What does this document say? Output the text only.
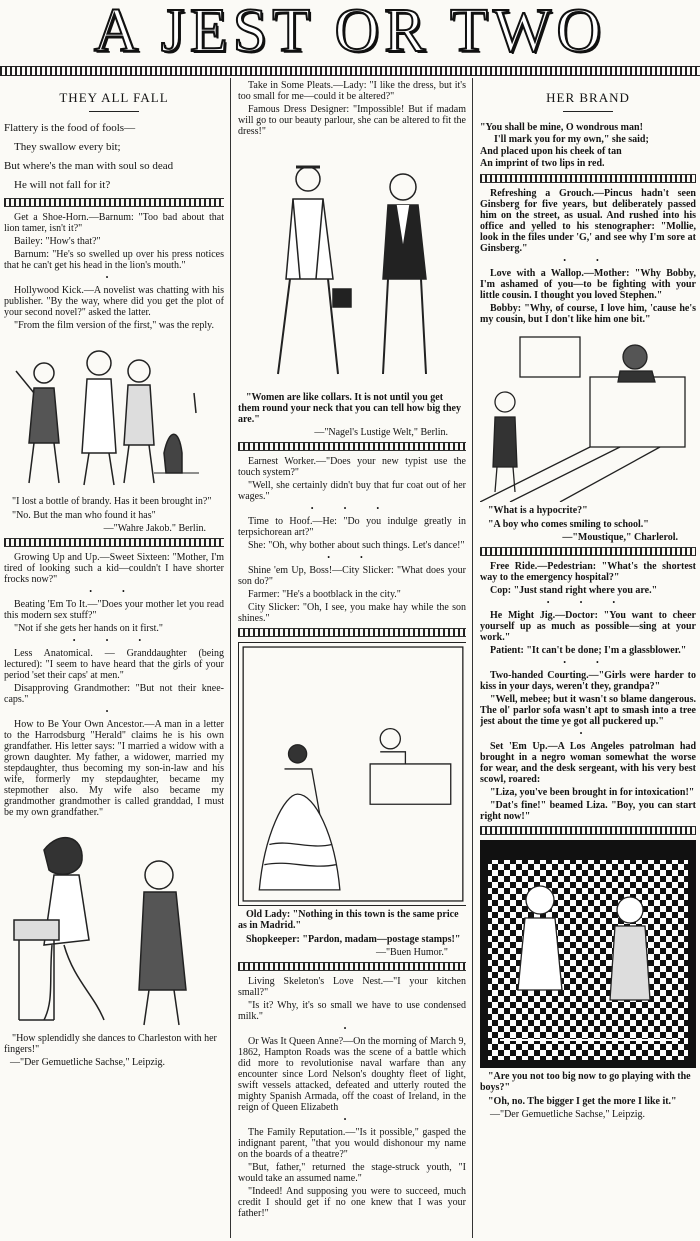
A JEST OR TWO
THEY ALL FALL

Flattery is the food of fools—

They swallow every bit;

But where's the man with soul so dead

He will not fall for it?

Get a Shoe-Horn.—Barnum: "Too bad about that lion tamer, isn't it?"

Bailey: "How's that?"

Barnum: "He's so swelled up over his press notices that he can't get his head in the lion's mouth."

•

Hollywood Kick.—A novelist was chatting with his publisher. "By the way, where did you get the plot of your second novel?" asked the latter.

"From the film version of the first," was the reply.

"I lost a bottle of brandy. Has it been brought in?"

"No. But the man who found it has"

—"Wahre Jakob." Berlin.

Growing Up and Up.—Sweet Sixteen: "Mother, I'm tired of looking such a kid—couldn't I have shorter frocks now?"

• •

Beating 'Em To It.—"Does your mother let you read this modern sex stuff?"

"Not if she gets her hands on it first."

• • •

Less Anatomical. — Granddaughter (being lectured): "I seem to have heard that the girls of your period 'set their caps' at men."

Disapproving Grandmother: "But not their knee-caps."

•

How to Be Your Own Ancestor.—A man in a letter to the Harrodsburg "Herald" claims he is his own grandfather. His letter says: "I married a widow with a grown daughter. My father, a widower, married my stepdaughter, thus becoming my son-in-law and his wife, formerly my stepdaughter, became my stepmother also. My wife also became my grandmother grandmother is called granddad, I must be my own grandfather."

"How splendidly she dances to Charleston with her fingers!"

—"Der Gemuetliche Sachse," Leipzig.

Take in Some Pleats.—Lady: "I like the dress, but it's too small for me—could it be altered?"

Famous Dress Designer: "Impossible! But if madam will go to our beauty parlour, she can be altered to fit the dress!"

"Women are like collars. It is not until you get them round your neck that you can tell how big they are."

—"Nagel's Lustige Welt," Berlin.

Earnest Worker.—"Does your new typist use the touch system?"

"Well, she certainly didn't buy that fur coat out of her wages."

• • •

Time to Hoof.—He: "Do you indulge greatly in terpsichorean art?"

She: "Oh, why bother about such things. Let's dance!"

• •

Shine 'em Up, Boss!—City Slicker: "What does your son do?"

Farmer: "He's a bootblack in the city."

City Slicker: "Oh, I see, you make hay while the son shines."

Old Lady: "Nothing in this town is the same price as in Madrid."

Shopkeeper: "Pardon, madam—postage stamps!"

—"Buen Humor."

Living Skeleton's Love Nest.—"I your kitchen small?"

"Is it? Why, it's so small we have to use condensed milk."

•

Or Was It Queen Anne?—On the morning of March 9, 1862, Hampton Roads was the scene of a battle which did more to revolutionise naval warfare than any encounter since Lord Nelson's doughty fleet of light, swift vessels attacked, defeated and utterly routed the mighty Spanish Armada, off the coast of Ireland, in the reign of Queen Elizabeth

•

The Family Reputation.—"Is it possible," gasped the indignant parent, "that you would dishonour my name on the boards of a theatre?"

"But, father," returned the stage-struck youth, "I would take an assumed name."

"Indeed! And supposing you were to succeed, much credit I should get if no one knew that I was your father!"

HER BRAND

"You shall be mine, O wondrous man!

I'll mark you for my own," she said;

And placed upon his cheek of tan

An imprint of two lips in red.

Refreshing a Grouch.—Pincus hadn't seen Ginsberg for five years, but deliberately passed him on the street, as usual. And rushed into his office and yelled to his stenographer: "Mollie, look in the files under 'G,' and see why I'm sore at Ginsberg."

• •

Love with a Wallop.—Mother: "Why Bobby, I'm ashamed of you—to be fighting with your little cousin. I thought you loved Stephen."

Bobby: "Why, of course, I love him, 'cause he's my cousin, but I don't like him one bit."

"What is a hypocrite?"

"A boy who comes smiling to school."

—"Moustique," Charlerol.

Free Ride.—Pedestrian: "What's the shortest way to the emergency hospital?"

Cop: "Just stand right where you are."

• • •

He Might Jig.—Doctor: "You want to cheer yourself up as much as possible—sing at your work."

Patient: "It can't be done; I'm a glassblower."

• •

Two-handed Courting.—"Girls were harder to kiss in your days, weren't they, grandpa?"

"Well, mebee; but it wasn't so blame dangerous. The ol' parlor sofa wasn't apt to smash into a tree jest about the time ye got all puckered up."

•

Set 'Em Up.—A Los Angeles patrolman had brought in a negro woman somewhat the worse for wear, and the desk sergeant, with his very best scowl, roared:

"Liza, you've been brought in for intoxication!"

"Dat's fine!" beamed Liza. "Boy, you can start right now!"

"Are you not too big now to go playing with the boys?"

"Oh, no. The bigger I get the more I like it."

—"Der Gemuetliche Sachse," Leipzig.
